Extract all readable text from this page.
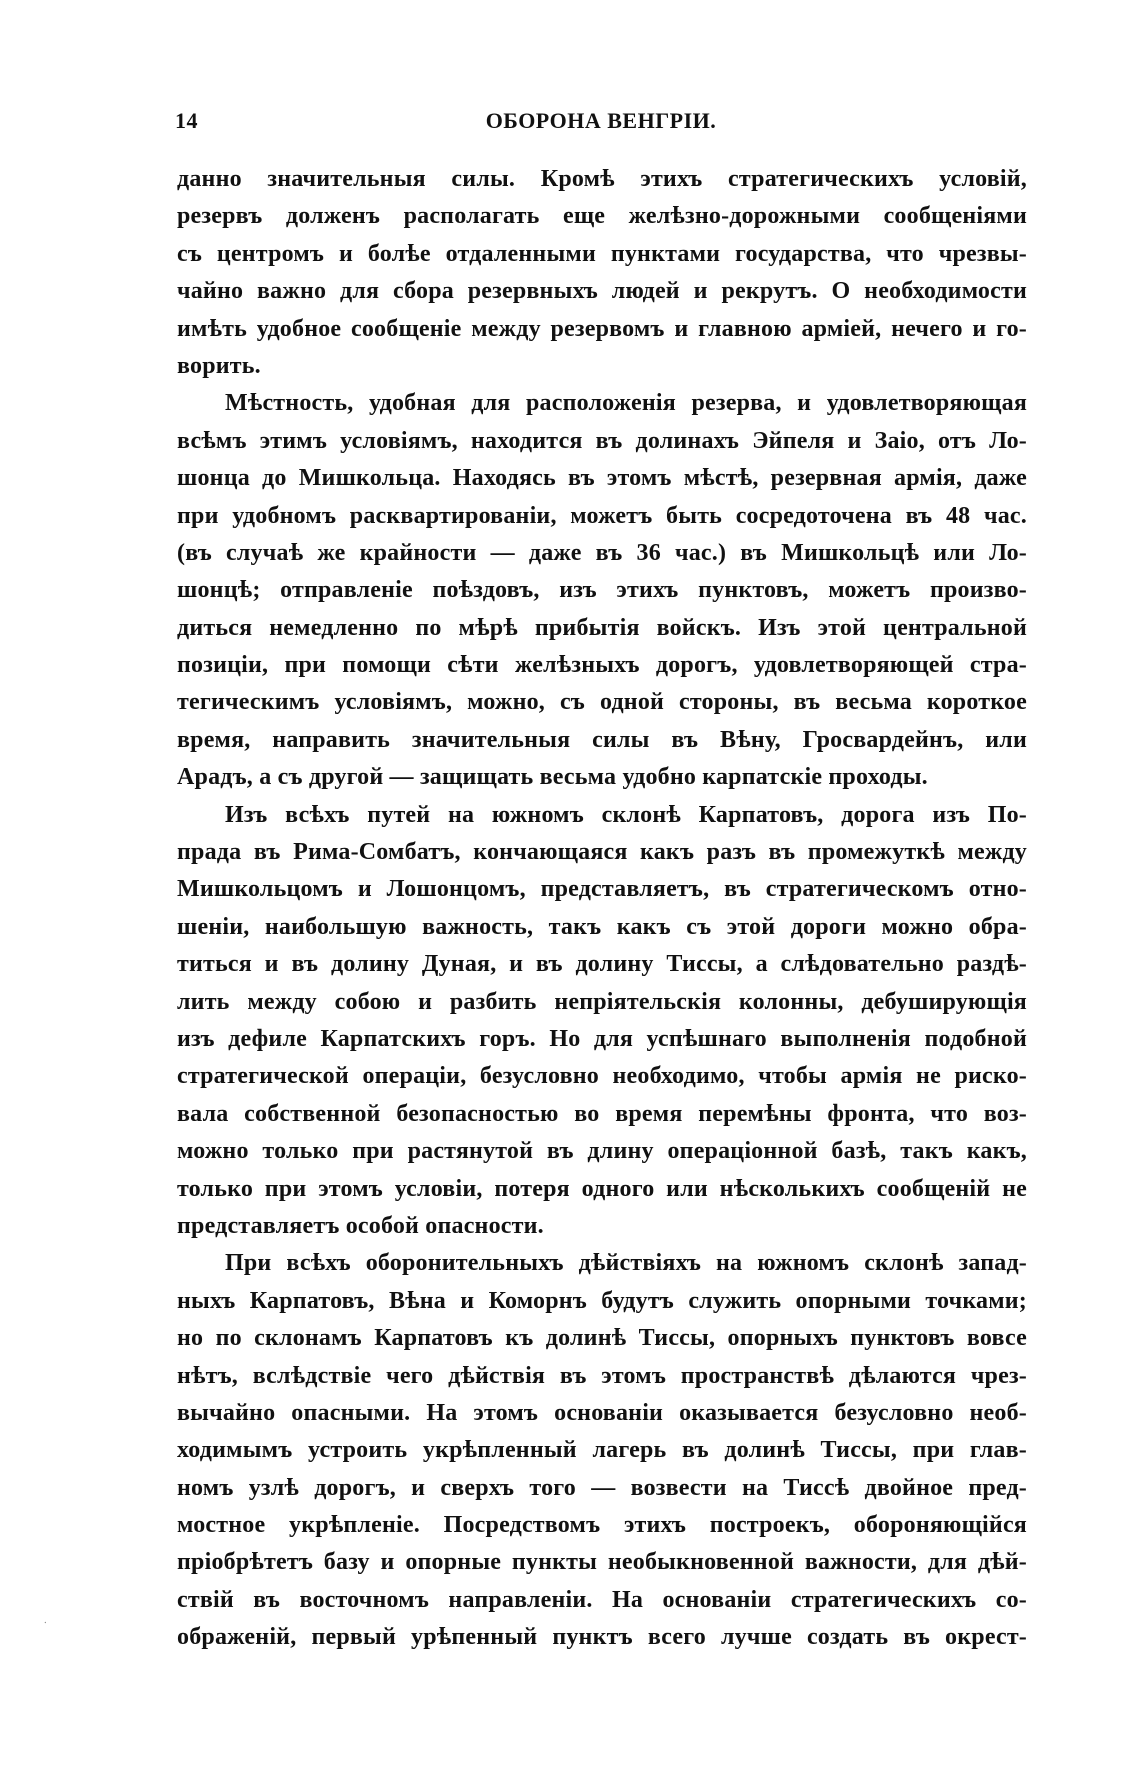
14	ОБОРОНА ВЕНГРІИ.
данно значительныя силы. Кромѣ этихъ стратегическихъ условій,
резервъ долженъ располагать еще желѣзно-дорожными сообщеніями
съ центромъ и болѣе отдаленными пунктами государства, что чрезвы-
чайно важно для сбора резервныхъ людей и рекрутъ. О необходимости
имѣть удобное сообщеніе между резервомъ и главною арміей, нечего и го-
ворить.
Мѣстность, удобная для расположенія резерва, и удовлетворяющая
всѣмъ этимъ условіямъ, находится въ долинахъ Эйпеля и Заіо, отъ Ло-
шонца до Мишкольца. Находясь въ этомъ мѣстѣ, резервная армія, даже
при удобномъ расквартированіи, можетъ быть сосредоточена въ 48 час.
(въ случаѣ же крайности — даже въ 36 час.) въ Мишкольцѣ или Ло-
шонцѣ; отправленіе поѣздовъ, изъ этихъ пунктовъ, можетъ произво-
диться немедленно по мѣрѣ прибытія войскъ. Изъ этой центральной
позиціи, при помощи сѣти желѣзныхъ дорогъ, удовлетворяющей стра-
тегическимъ условіямъ, можно, съ одной стороны, въ весьма короткое
время, направить значительныя силы въ Вѣну, Гросвардейнъ, или
Арадъ, а съ другой — защищать весьма удобно карпатскіе проходы.
Изъ всѣхъ путей на южномъ склонѣ Карпатовъ, дорога изъ По-
прада въ Рима-Сомбатъ, кончающаяся какъ разъ въ промежуткѣ между
Мишкольцомъ и Лошонцомъ, представляетъ, въ стратегическомъ отно-
шеніи, наибольшую важность, такъ какъ съ этой дороги можно обра-
титься и въ долину Дуная, и въ долину Тиссы, а слѣдовательно раздѣ-
лить между собою и разбить непріятельскія колонны, дебуширующія
изъ дефиле Карпатскихъ горъ. Но для успѣшнаго выполненія подобной
стратегической операціи, безусловно необходимо, чтобы армія не риско-
вала собственной безопасностью во время перемѣны фронта, что воз-
можно только при растянутой въ длину операціонной базѣ, такъ какъ,
только при этомъ условіи, потеря одного или нѣсколькихъ сообщеній не
представляетъ особой опасности.
При всѣхъ оборонительныхъ дѣйствіяхъ на южномъ склонѣ запад-
ныхъ Карпатовъ, Вѣна и Коморнъ будутъ служить опорными точками;
но по склонамъ Карпатовъ къ долинѣ Тиссы, опорныхъ пунктовъ вовсе
нѣтъ, вслѣдствіе чего дѣйствія въ этомъ пространствѣ дѣлаются чрез-
вычайно опасными. На этомъ основаніи оказывается безусловно необ-
ходимымъ устроить укрѣпленный лагерь въ долинѣ Тиссы, при глав-
номъ узлѣ дорогъ, и сверхъ того — возвести на Тиссѣ двойное пред-
мостное укрѣпленіе. Посредствомъ этихъ построекъ, обороняющійся
пріобрѣтетъ базу и опорные пункты необыкновенной важности, для дѣй-
ствій въ восточномъ направленіи. На основаніи стратегическихъ со-
ображеній, первый урѣпенный пунктъ всего лучше создать въ окрест-
⸱
